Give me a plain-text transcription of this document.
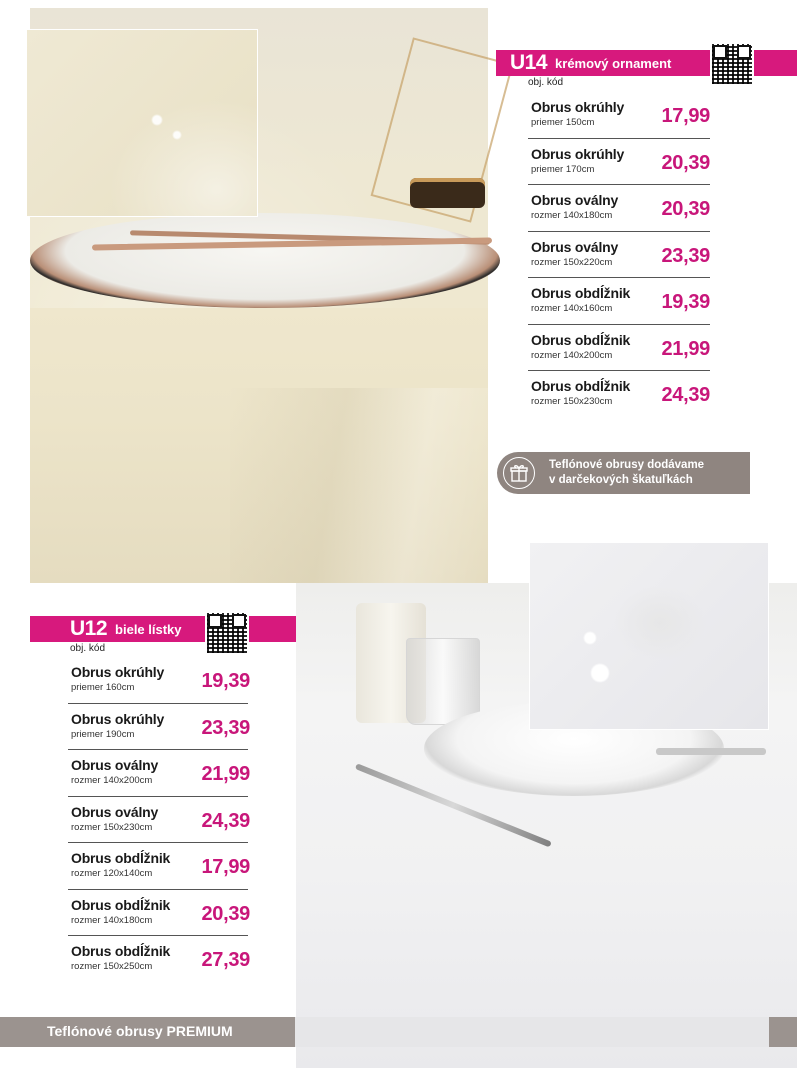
U14 krémový ornament
obj. kód
Obrus okrúhly
priemer 150cm	17,99
Obrus okrúhly
priemer 170cm	20,39
Obrus oválny
rozmer 140x180cm 20,39
Obrus oválny
rozmer 150x220cm 23,39
Obrus obdĺžnik
rozmer 140x160cm 19,39
Obrus obdĺžnik
rozmer 140x200cm 21,99
Obrus obdĺžnik
rozmer 150x230cm 24,39
Teflónové obrusy dodávame
v darčekových škatuľkách
U12 biele lístky
obj. kód
Obrus okrúhly
priemer 160cm	19,39
Obrus okrúhly
priemer 190cm	23,39
Obrus oválny
rozmer 140x200cm 21,99
Obrus oválny
rozmer 150x230cm 24,39
Obrus obdĺžnik
rozmer 120x140cm 17,99
Obrus obdĺžnik
rozmer 140x180cm 20,39
Obrus obdĺžnik
rozmer 150x250cm 27,39
Teflónové obrusy PREMIUM
